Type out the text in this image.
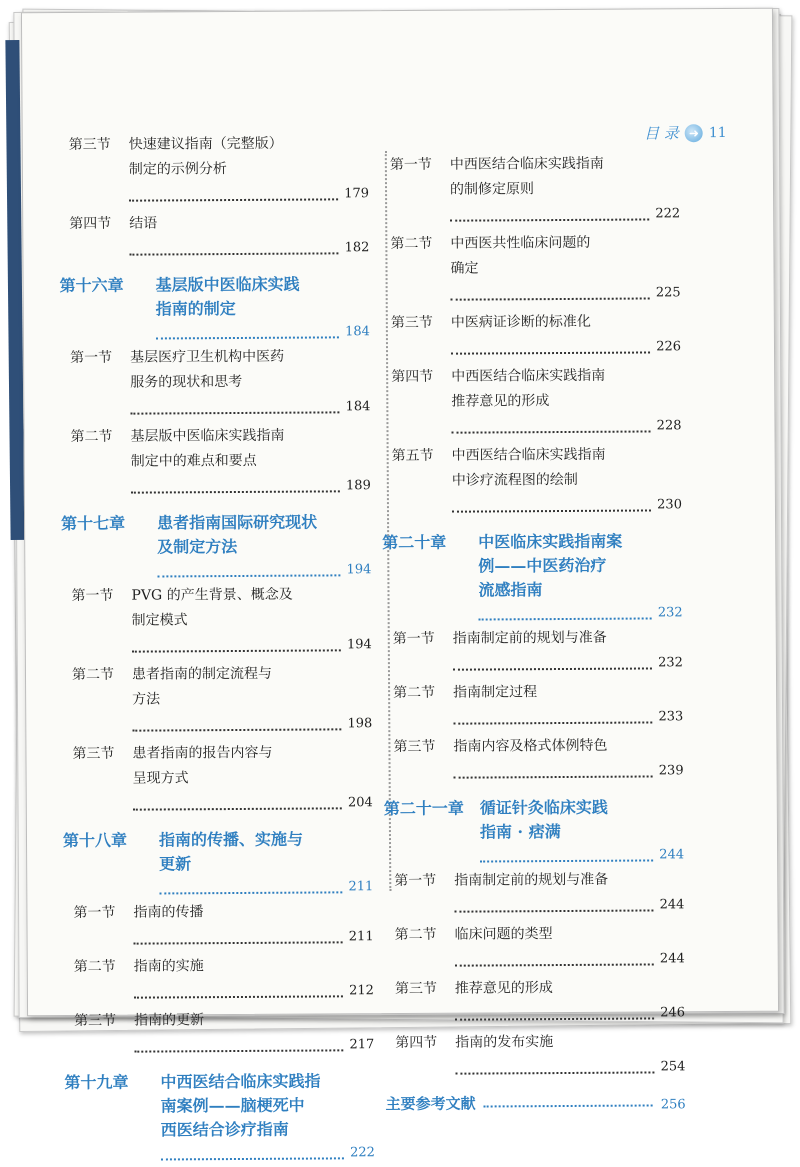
目 录 ➜ 11
第三节	快速建议指南（完整版）
制定的示例分析
179
第四节	结语
182
第十六章	基层版中医临床实践
指南的制定
184
第一节	基层医疗卫生机构中医药
服务的现状和思考
184
第二节	基层版中医临床实践指南
制定中的难点和要点
189
第十七章	患者指南国际研究现状
及制定方法
194
第一节	PVG 的产生背景、概念及
制定模式
194
第二节	患者指南的制定流程与
方法
198
第三节	患者指南的报告内容与
呈现方式
204
第十八章	指南的传播、实施与
更新
211
第一节	指南的传播
211
第二节	指南的实施
212
第三节	指南的更新
217
第十九章	中西医结合临床实践指
南案例——脑梗死中
西医结合诊疗指南
222
第一节	中西医结合临床实践指南
的制修定原则
222
第二节	中西医共性临床问题的
确定
225
第三节	中医病证诊断的标准化
226
第四节	中西医结合临床实践指南
推荐意见的形成
228
第五节	中西医结合临床实践指南
中诊疗流程图的绘制
230
第二十章	中医临床实践指南案
例——中医药治疗
流感指南
232
第一节	指南制定前的规划与准备
232
第二节	指南制定过程
233
第三节	指南内容及格式体例特色
239
第二十一章 循证针灸临床实践
指南 · 痞满
244
第一节	指南制定前的规划与准备
244
第二节	临床问题的类型
244
第三节	推荐意见的形成
246
第四节	指南的发布实施
254
主要参考文献	256
